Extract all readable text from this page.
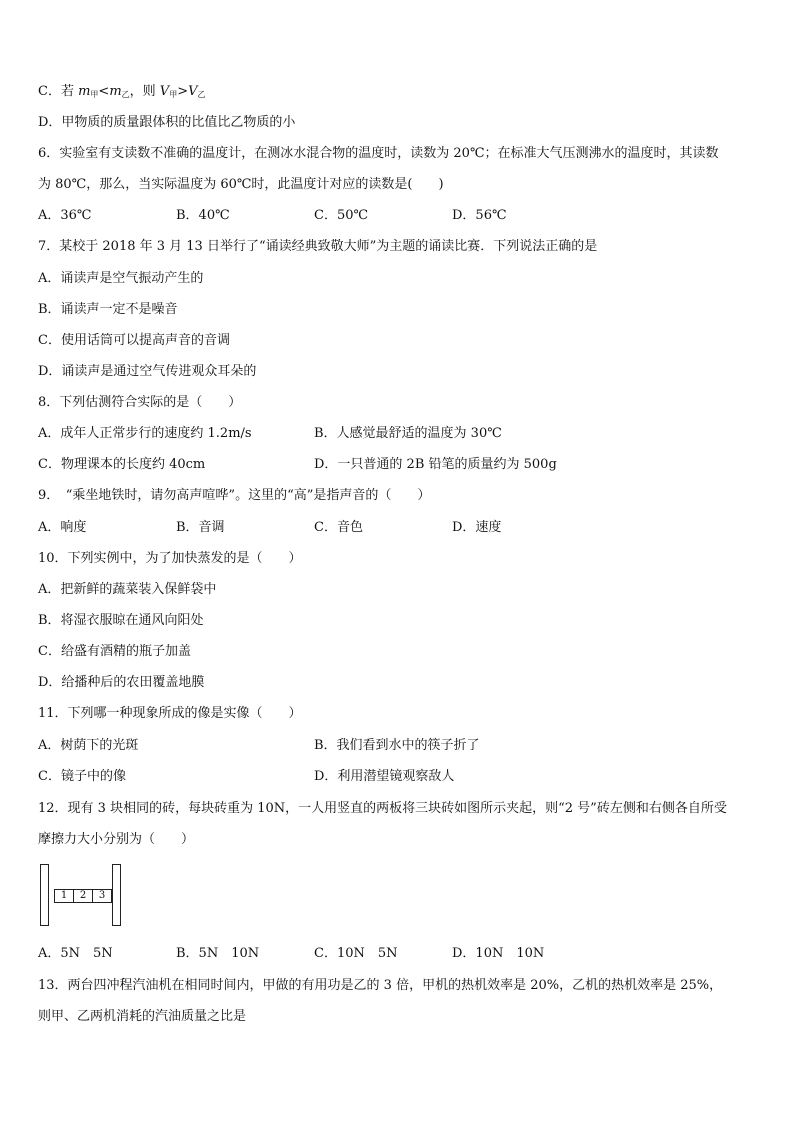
C．若 $m_甲<m_乙$，则 $V_甲>V_乙$
D．甲物质的质量跟体积的比值比乙物质的小
6．实验室有支读数不准确的温度计，在测冰水混合物的温度时，读数为 20℃；在标准大气压测沸水的温度时，其读数
为 80℃，那么，当实际温度为 60℃时，此温度计对应的读数是(　　)
A．36℃	B．40℃	C．50℃	D．56℃
7．某校于 2018 年 3 月 13 日举行了“诵读经典致敬大师”为主题的诵读比赛．下列说法正确的是
A．诵读声是空气振动产生的
B．诵读声一定不是噪音
C．使用话筒可以提高声音的音调
D．诵读声是通过空气传进观众耳朵的
8．下列估测符合实际的是（　　）
A．成年人正常步行的速度约 1.2m/s	B．人感觉最舒适的温度为 30℃
C．物理课本的长度约 40cm	D．一只普通的 2B 铅笔的质量约为 500g
9．　“乘坐地铁时，请勿高声喧哗”。这里的“高”是指声音的（　　）
A．响度	B．音调	C．音色	D．速度
10．下列实例中，为了加快蒸发的是（　　）
A．把新鲜的蔬菜装入保鲜袋中
B．将湿衣服晾在通风向阳处
C．给盛有酒精的瓶子加盖
D．给播种后的农田覆盖地膜
11．下列哪一种现象所成的像是实像（　　）
A．树荫下的光斑	B．我们看到水中的筷子折了
C．镜子中的像	D．利用潜望镜观察敌人
12．现有 3 块相同的砖，每块砖重为 10N，一人用竖直的两板将三块砖如图所示夹起，则“2 号”砖左侧和右侧各自所受
摩擦力大小分别为（　　）
1	2	3
A．5N　5N	B．5N　10N	C．10N　5N	D．10N　10N
13．两台四冲程汽油机在相同时间内，甲做的有用功是乙的 3 倍，甲机的热机效率是 20%，乙机的热机效率是 25%，
则甲、乙两机消耗的汽油质量之比是
